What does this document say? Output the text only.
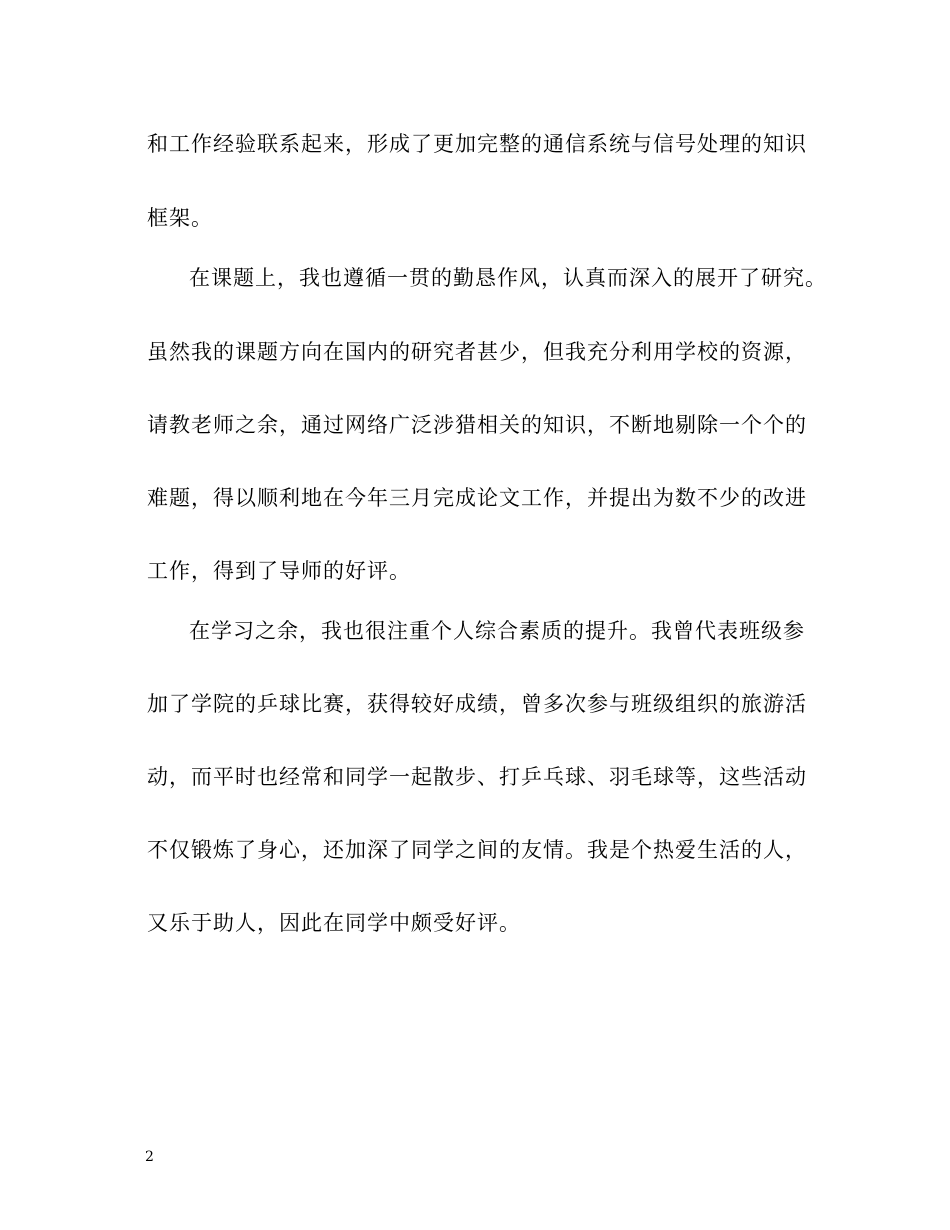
和工作经验联系起来，形成了更加完整的通信系统与信号处理的知识
框架。
在课题上，我也遵循一贯的勤恳作风，认真而深入的展开了研究。
虽然我的课题方向在国内的研究者甚少，但我充分利用学校的资源，
请教老师之余，通过网络广泛涉猎相关的知识，不断地剔除一个个的
难题，得以顺利地在今年三月完成论文工作，并提出为数不少的改进
工作，得到了导师的好评。
在学习之余，我也很注重个人综合素质的提升。我曾代表班级参
加了学院的乒球比赛，获得较好成绩，曾多次参与班级组织的旅游活
动，而平时也经常和同学一起散步、打乒乓球、羽毛球等，这些活动
不仅锻炼了身心，还加深了同学之间的友情。我是个热爱生活的人，
又乐于助人，因此在同学中颇受好评。
2
